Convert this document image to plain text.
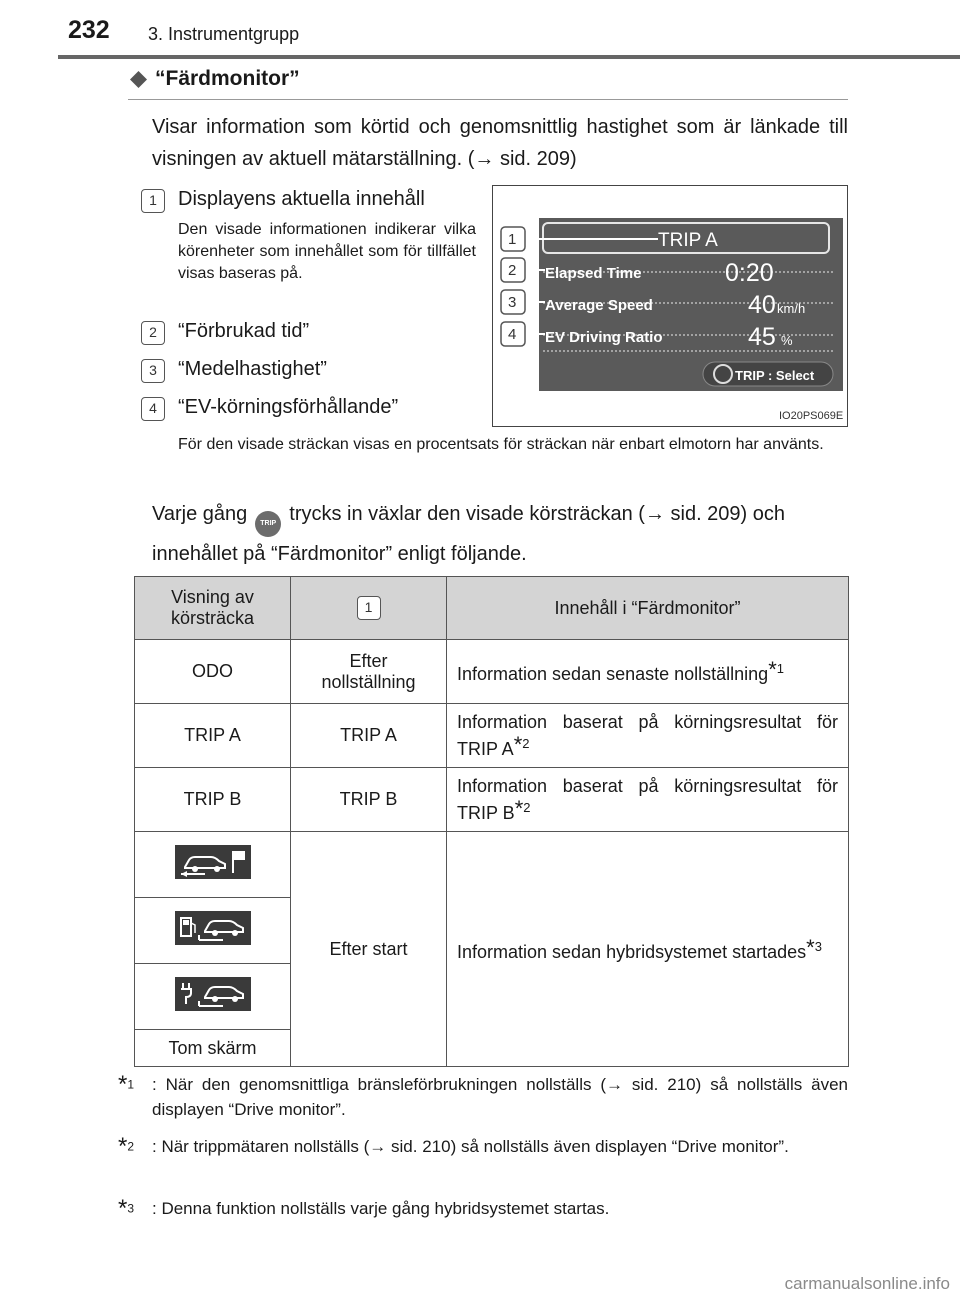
232 3. Instrumentgrupp
“Färdmonitor”
Visar information som körtid och genomsnittlig hastighet som är länkade till visningen av aktuell mätarställning. (→ sid. 209)
1	Displayens aktuella innehåll
Den visade informationen indikerar vilka körenheter som innehållet som för tillfället visas baseras på.
2	“Förbrukad tid”
3	“Medelhastighet”
4	“EV-körningsförhållande”
TRIP A
Elapsed Time	0:20
Average Speed	40 km/h
EV Driving Ratio	45 %
TRIP : Select
1
2
3
4
IO20PS069E
För den visade sträckan visas en procentsats för sträckan när enbart elmotorn har använts.
Varje gång TRIP trycks in växlar den visade körsträckan (→ sid. 209) och innehållet på “Färdmonitor” enligt följande.
Visning av körsträcka	1	Innehåll i “Färdmonitor”
ODO	Efter nollställning	Information sedan senaste nollställning*$^1$
TRIP A	TRIP A	Information baserat på körningsresultat för TRIP A*$^2$
TRIP B	TRIP B	Information baserat på körningsresultat för TRIP B*$^2$
	Efter start	Information sedan hybridsystemet startades*$^3$

Tom skärm		
*$^1$	: När den genomsnittliga bränsleförbrukningen nollställs (→ sid. 210) så nollställs även displayen “Drive monitor”.
*$^2$	: När trippmätaren nollställs (→ sid. 210) så nollställs även displayen “Drive monitor”.
*$^3$	: Denna funktion nollställs varje gång hybridsystemet startas.
carmanualsonline.info
